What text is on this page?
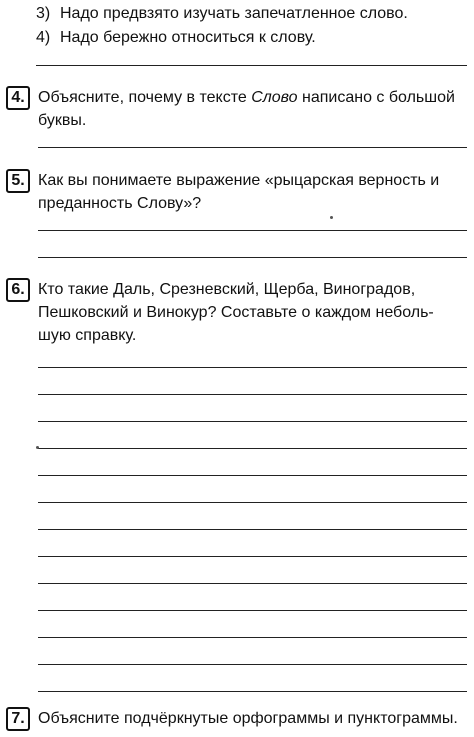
3) Надо предвзято изучать запечатленное слово.
4) Надо бережно относиться к слову.
4. Объясните, почему в тексте Слово написано с большой
буквы.
5. Как вы понимаете выражение «рыцарская верность и
преданность Слову»?
6. Кто такие Даль, Срезневский, Щерба, Виноградов,
Пешковский и Винокур? Составьте о каждом неболь-
шую справку.
7. Объясните подчёркнутые орфограммы и пунктограммы.
